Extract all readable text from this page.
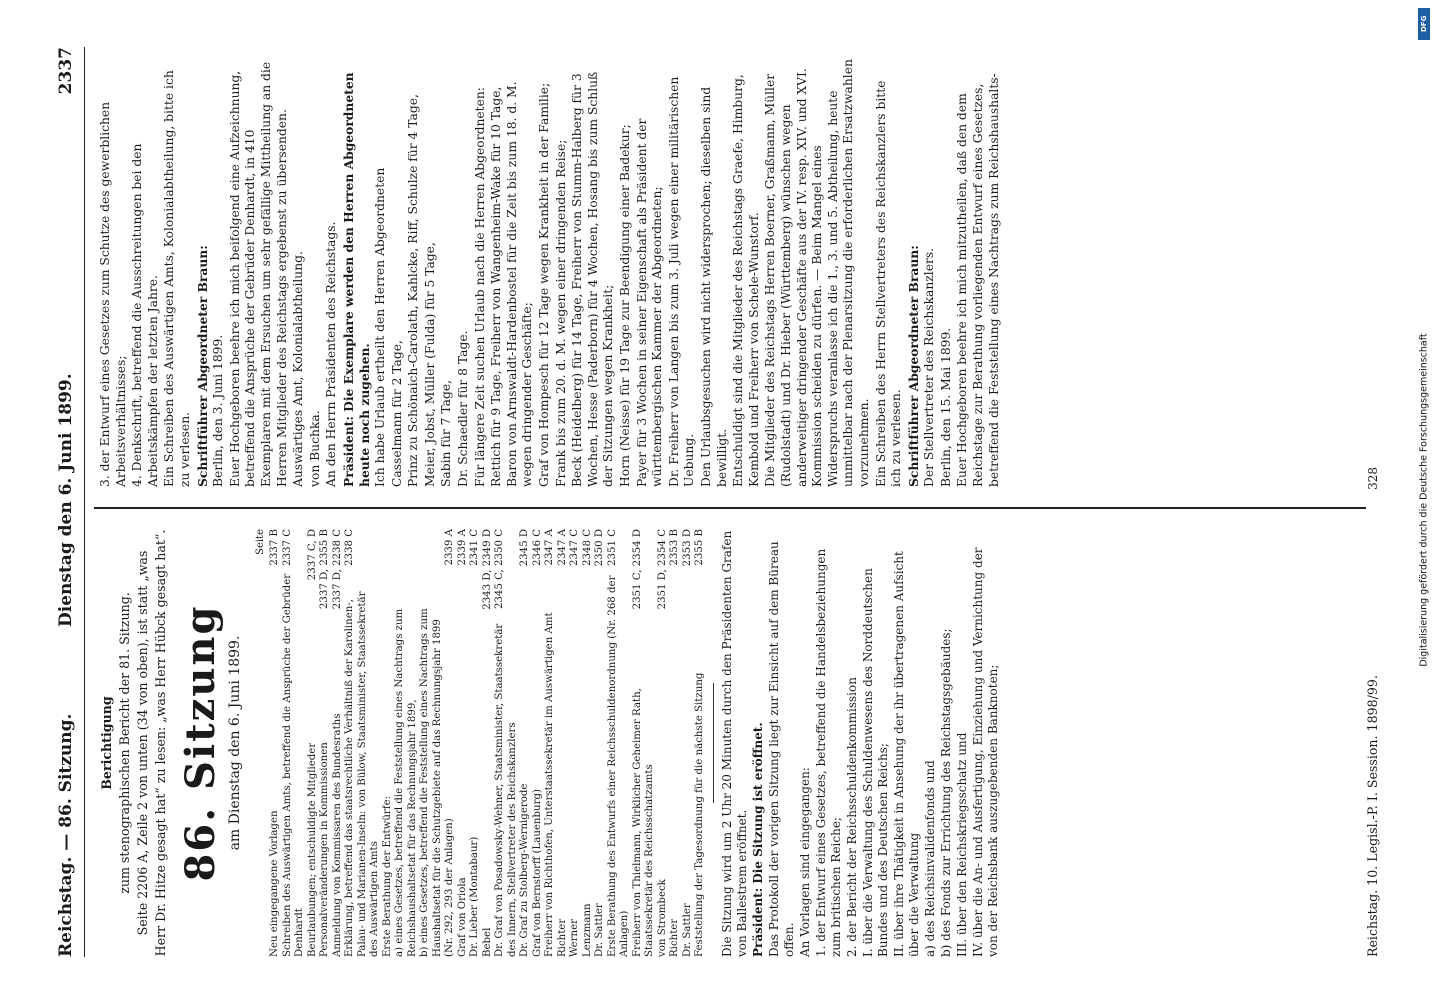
Reichstag. — 86. Sitzung.
Dienstag den 6. Juni 1899.
2337

Berichtigung zum stenographischen Bericht der 81. Sitzung. Seite 2206 A, Zeile 2 von unten (34 von oben), ist statt „was Herr Dr. Hitze gesagt hat“ zu lesen: „was Herr Hübck gesagt hat“. 86. Sitzung am Dienstag den 6. Juni 1899.
Seite
Neu eingegangene Vorlagen
2337 B
Schreiben des Auswärtigen Amts, betreffend die Ansprüche der Gebrüder Denhardt
2337 C
Beurlaubungen; entschuldigte Mitglieder
2337 C, D
Personalveränderungen in Kommissionen
2337 D, 2355 B
Anmeldung von Kommissaren des Bundesraths
2337 D, 2238 C
Erklärung, betreffend das staatsrechtliche Verhältniß der Karolinen-, Palau- und Marianen-Inseln: von Bülow, Staatsminister, Staatssekretär des Auswärtigen Amts
2338 C
Erste Berathung der Entwürfe: a) eines Gesetzes, betreffend die Feststellung eines Nachtrags zum Reichshaushaltsetat für das Rechnungsjahr 1899, b) eines Gesetzes, betreffend die Feststellung eines Nachtrags zum Haushaltsetat für die Schutzgebiete auf das Rechnungsjahr 1899 (Nr. 292, 293 der Anlagen)
2339 A
Graf von Oriola
2339 A
Dr. Lieber (Montabaur)
2341 C
Bebel
2343 D, 2349 D
Dr. Graf von Posadowsky-Wehner, Staatsminister, Staatssekretär des Innern, Stellvertreter des Reichskanzlers
2345 C, 2350 C
Dr. Graf zu Stolberg-Wernigerode
2345 D
Graf von Bernstorff (Lauenburg)
2346 C
Freiherr von Richthofen, Unterstaatssekretär im Auswärtigen Amt
2347 A
Richter
2347 A
Werner
2347 C
Lenzmann
2348 C
Dr. Sattler
2350 D
Erste Berathung des Entwurfs einer Reichsschuldenordnung (Nr. 268 der Anlagen)
2351 C
Freiherr von Thielmann, Wirklicher Geheimer Rath, Staatssekretär des Reichsschatzamts
2351 C, 2354 D
von Strombeck
2351 D, 2354 C
Richter
2353 B
Dr. Sattler
2353 D
Feststellung der Tagesordnung für die nächste Sitzung
2355 B Die Sitzung wird um 2 Uhr 20 Minuten durch den Präsidenten Grafen von Ballestrem eröffnet. Präsident: Die Sitzung ist eröffnet. Das Protokoll der vorigen Sitzung liegt zur Einsicht auf dem Büreau offen. An Vorlagen sind eingegangen: 1. der Entwurf eines Gesetzes, betreffend die Handelsbeziehungen zum britischen Reiche; 2. der Bericht der Reichsschuldenkommission I. über die Verwaltung des Schuldenwesens des Norddeutschen Bundes und des Deutschen Reichs; II. über ihre Thätigkeit in Ansehung der ihr übertragenen Aufsicht über die Verwaltung a) des Reichsinvalidenfonds und b) des Fonds zur Errichtung des Reichstagsgebäudes; III. über den Reichskriegsschatz und IV. über die An- und Ausfertigung, Einziehung und Vernichtung der von der Reichsbank auszugebenden Banknoten;

3. der Entwurf eines Gesetzes zum Schutze des gewerblichen Arbeitsverhältnisses; 4. Denkschrift, betreffend die Ausschreitungen bei den Arbeitskämpfen der letzten Jahre. Ein Schreiben des Auswärtigen Amts, Kolonialabtheilung, bitte ich zu verlesen. Schriftführer Abgeordneter Braun: Berlin, den 3. Juni 1899. Euer Hochgeboren beehre ich mich beifolgend eine Aufzeichnung, betreffend die Ansprüche der Gebrüder Denhardt, in 410 Exemplaren mit dem Ersuchen um sehr gefällige Mittheilung an die Herren Mitglieder des Reichstags ergebenst zu übersenden. Auswärtiges Amt, Kolonialabtheilung. von Buchka. An den Herrn Präsidenten des Reichstags. Präsident: Die Exemplare werden den Herren Abgeordneten heute noch zugehen. Ich habe Urlaub ertheilt den Herren Abgeordneten Casselmann für 2 Tage, Prinz zu Schönaich-Carolath, Kahlcke, Riff, Schulze für 4 Tage, Meier, Jobst, Müller (Fulda) für 5 Tage, Sabin für 7 Tage, Dr. Schaedler für 8 Tage. Für längere Zeit suchen Urlaub nach die Herren Abgeordneten: Rettich für 9 Tage, Freiherr von Wangenheim-Wake für 10 Tage, Baron von Arnswaldt-Hardenbostel für die Zeit bis zum 18. d. M. wegen dringender Geschäfte; Graf von Hompesch für 12 Tage wegen Krankheit in der Familie; Frank bis zum 20. d. M. wegen einer dringenden Reise; Beck (Heidelberg) für 14 Tage, Freiherr von Stumm-Halberg für 3 Wochen, Hesse (Paderborn) für 4 Wochen, Hosang bis zum Schluß der Sitzungen wegen Krankheit; Horn (Neisse) für 19 Tage zur Beendigung einer Badekur; Payer für 3 Wochen in seiner Eigenschaft als Präsident der württembergischen Kammer der Abgeordneten; Dr. Freiherr von Langen bis zum 3. Juli wegen einer militärischen Uebung. Den Urlaubsgesuchen wird nicht widersprochen; dieselben sind bewilligt. Entschuldigt sind die Mitglieder des Reichstags Graefe, Himburg, Kembold und Freiherr von Schele-Wunstorf. Die Mitglieder des Reichstags Herren Boerner, Graßmann, Müller (Rudolstadt) und Dr. Hieber (Württemberg) wünschen wegen anderweitiger dringender Geschäfte aus der IV. resp. XIV. und XVI. Kommission scheiden zu dürfen. — Beim Mangel eines Widerspruchs veranlasse ich die 1., 3. und 5. Abtheilung, heute unmittelbar nach der Plenarsitzung die erforderlichen Ersatzwahlen vorzunehmen. Ein Schreiben des Herrn Stellvertreters des Reichskanzlers bitte ich zu verlesen. Schriftführer Abgeordneter Braun: Der Stellvertreter des Reichskanzlers. Berlin, den 15. Mai 1899. Euer Hochgeboren beehre ich mich mitzutheilen, daß den dem Reichstage zur Berathung vorliegenden Entwurf eines Gesetzes, betreffend die Feststellung eines Nachtrags zum Reichshaushalts-

Reichstag. 10. Legisl.-P. I. Session. 1898/99.
328
DFG
Digitalisierung gefördert durch die Deutsche Forschungsgemeinschaft
